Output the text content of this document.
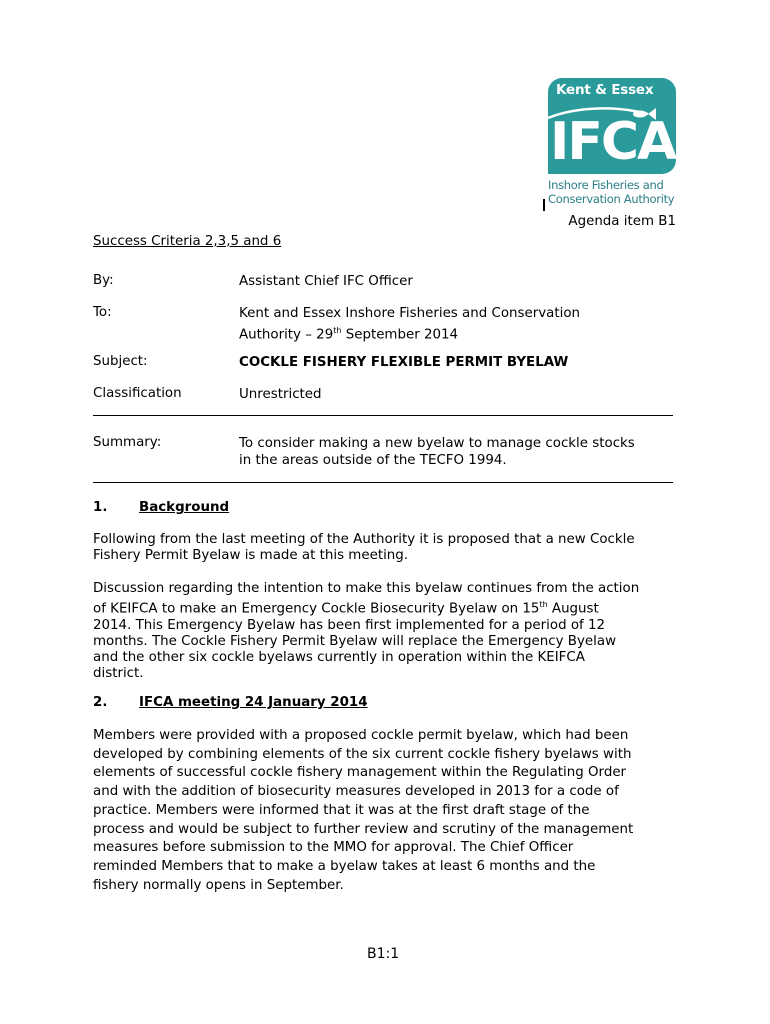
Kent & Essex
IFCA
Inshore Fisheries and
Conservation Authority
Agenda item B1
Success Criteria 2,3,5 and 6
By:	Assistant Chief IFC Officer
To:	Kent and Essex Inshore Fisheries and Conservation
Authority – 29th September 2014
Subject:	COCKLE FISHERY FLEXIBLE PERMIT BYELAW
Classification	Unrestricted
Summary:	To consider making a new byelaw to manage cockle stocks
in the areas outside of the TECFO 1994.
1. Background
Following from the last meeting of the Authority it is proposed that a new Cockle
Fishery Permit Byelaw is made at this meeting.
Discussion regarding the intention to make this byelaw continues from the action
of KEIFCA to make an Emergency Cockle Biosecurity Byelaw on 15th August
2014. This Emergency Byelaw has been first implemented for a period of 12
months. The Cockle Fishery Permit Byelaw will replace the Emergency Byelaw
and the other six cockle byelaws currently in operation within the KEIFCA
district.
2. IFCA meeting 24 January 2014
Members were provided with a proposed cockle permit byelaw, which had been
developed by combining elements of the six current cockle fishery byelaws with
elements of successful cockle fishery management within the Regulating Order
and with the addition of biosecurity measures developed in 2013 for a code of
practice. Members were informed that it was at the first draft stage of the
process and would be subject to further review and scrutiny of the management
measures before submission to the MMO for approval. The Chief Officer
reminded Members that to make a byelaw takes at least 6 months and the
fishery normally opens in September.
B1:1
